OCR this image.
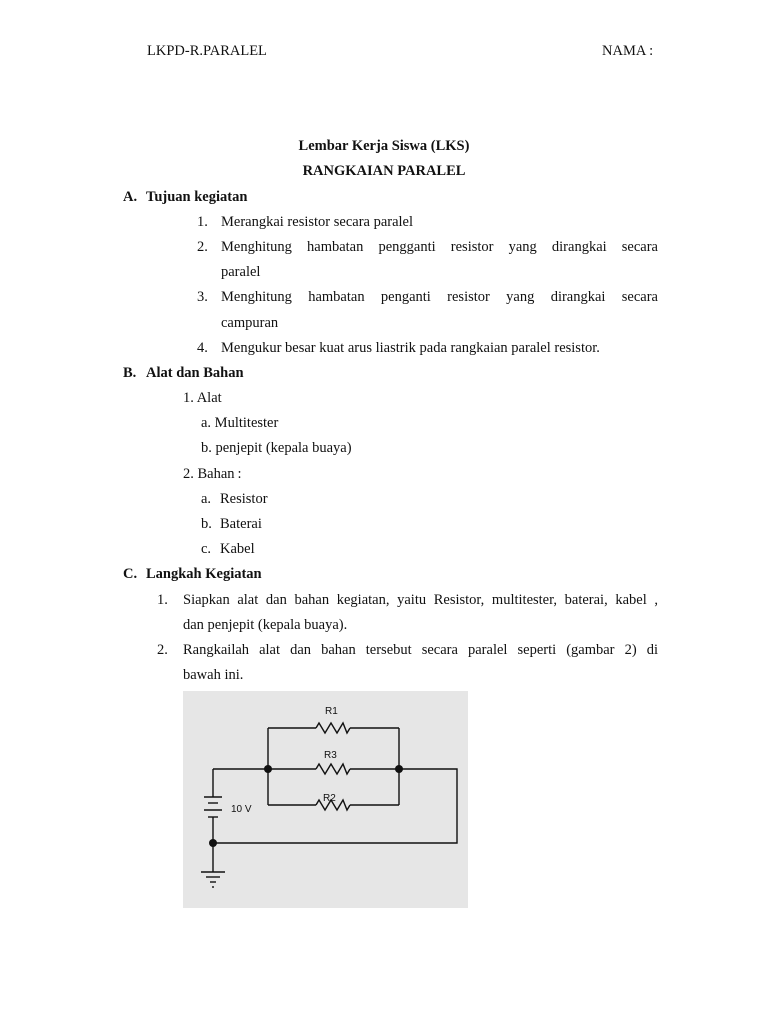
LKPD-R.PARALEL	NAMA :
Lembar Kerja Siswa (LKS)
RANGKAIAN PARALEL
A. Tujuan kegiatan
1. Merangkai resistor secara paralel
2. Menghitung hambatan pengganti resistor yang dirangkai secara
paralel
3. Menghitung hambatan penganti resistor yang dirangkai secara
campuran
4. Mengukur besar kuat arus liastrik pada rangkaian paralel resistor.
B. Alat dan Bahan
1. Alat
a. Multitester
b. penjepit (kepala buaya)
2. Bahan :
a. Resistor
b. Baterai
c. Kabel
C. Langkah Kegiatan
1. Siapkan alat dan bahan kegiatan, yaitu Resistor, multitester, baterai, kabel ,
dan penjepit (kepala buaya).
2. Rangkailah alat dan bahan tersebut secara paralel seperti (gambar 2) di
bawah ini.
R1
R3
R2
10 V
